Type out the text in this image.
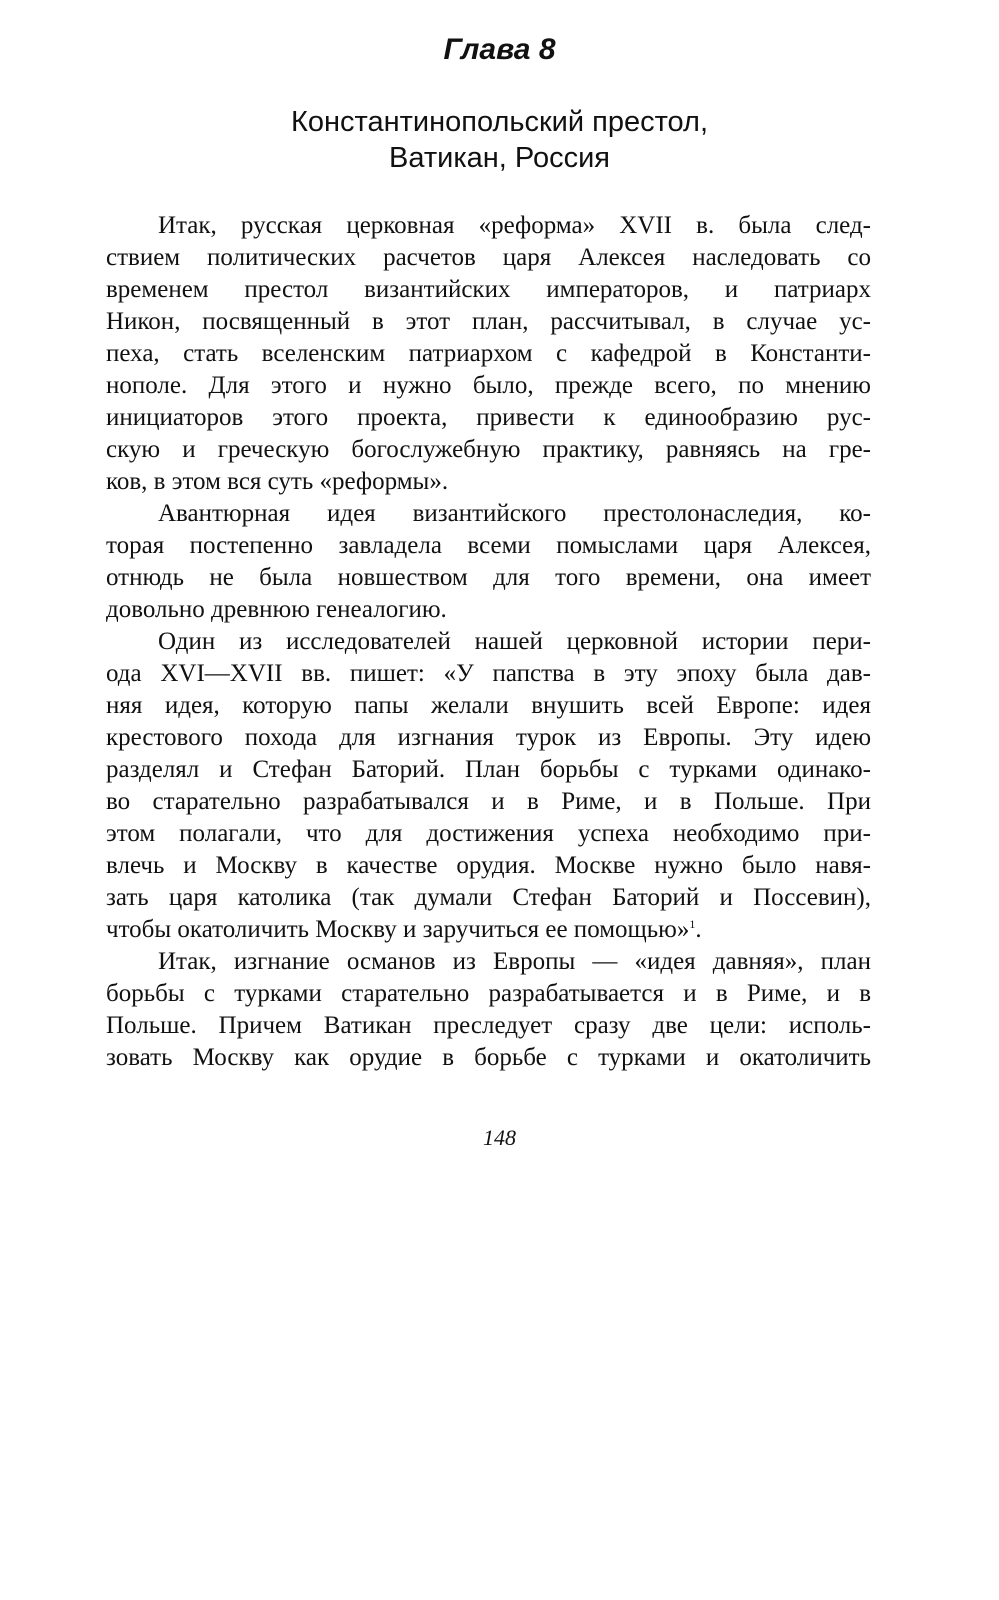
Глава 8
Константинопольский престол,
Ватикан, Россия
Итак, русская церковная «реформа» XVII в. была след-
ствием политических расчетов царя Алексея наследовать со
временем престол византийских императоров, и патриарх
Никон, посвященный в этот план, рассчитывал, в случае ус-
пеха, стать вселенским патриархом с кафедрой в Константи-
нополе. Для этого и нужно было, прежде всего, по мнению
инициаторов этого проекта, привести к единообразию рус-
скую и греческую богослужебную практику, равняясь на гре-
ков, в этом вся суть «реформы».
Авантюрная идея византийского престолонаследия, ко-
торая постепенно завладела всеми помыслами царя Алексея,
отнюдь не была новшеством для того времени, она имеет
довольно древнюю генеалогию.
Один из исследователей нашей церковной истории пери-
ода XVI—XVII вв. пишет: «У папства в эту эпоху была дав-
няя идея, которую папы желали внушить всей Европе: идея
крестового похода для изгнания турок из Европы. Эту идею
разделял и Стефан Баторий. План борьбы с турками одинако-
во старательно разрабатывался и в Риме, и в Польше. При
этом полагали, что для достижения успеха необходимо при-
влечь и Москву в качестве орудия. Москве нужно было навя-
зать царя католика (так думали Стефан Баторий и Поссевин),
чтобы окатоличить Москву и заручиться ее помощью»$^1$.
Итак, изгнание османов из Европы — «идея давняя», план
борьбы с турками старательно разрабатывается и в Риме, и в
Польше. Причем Ватикан преследует сразу две цели: исполь-
зовать Москву как орудие в борьбе с турками и окатоличить
148
